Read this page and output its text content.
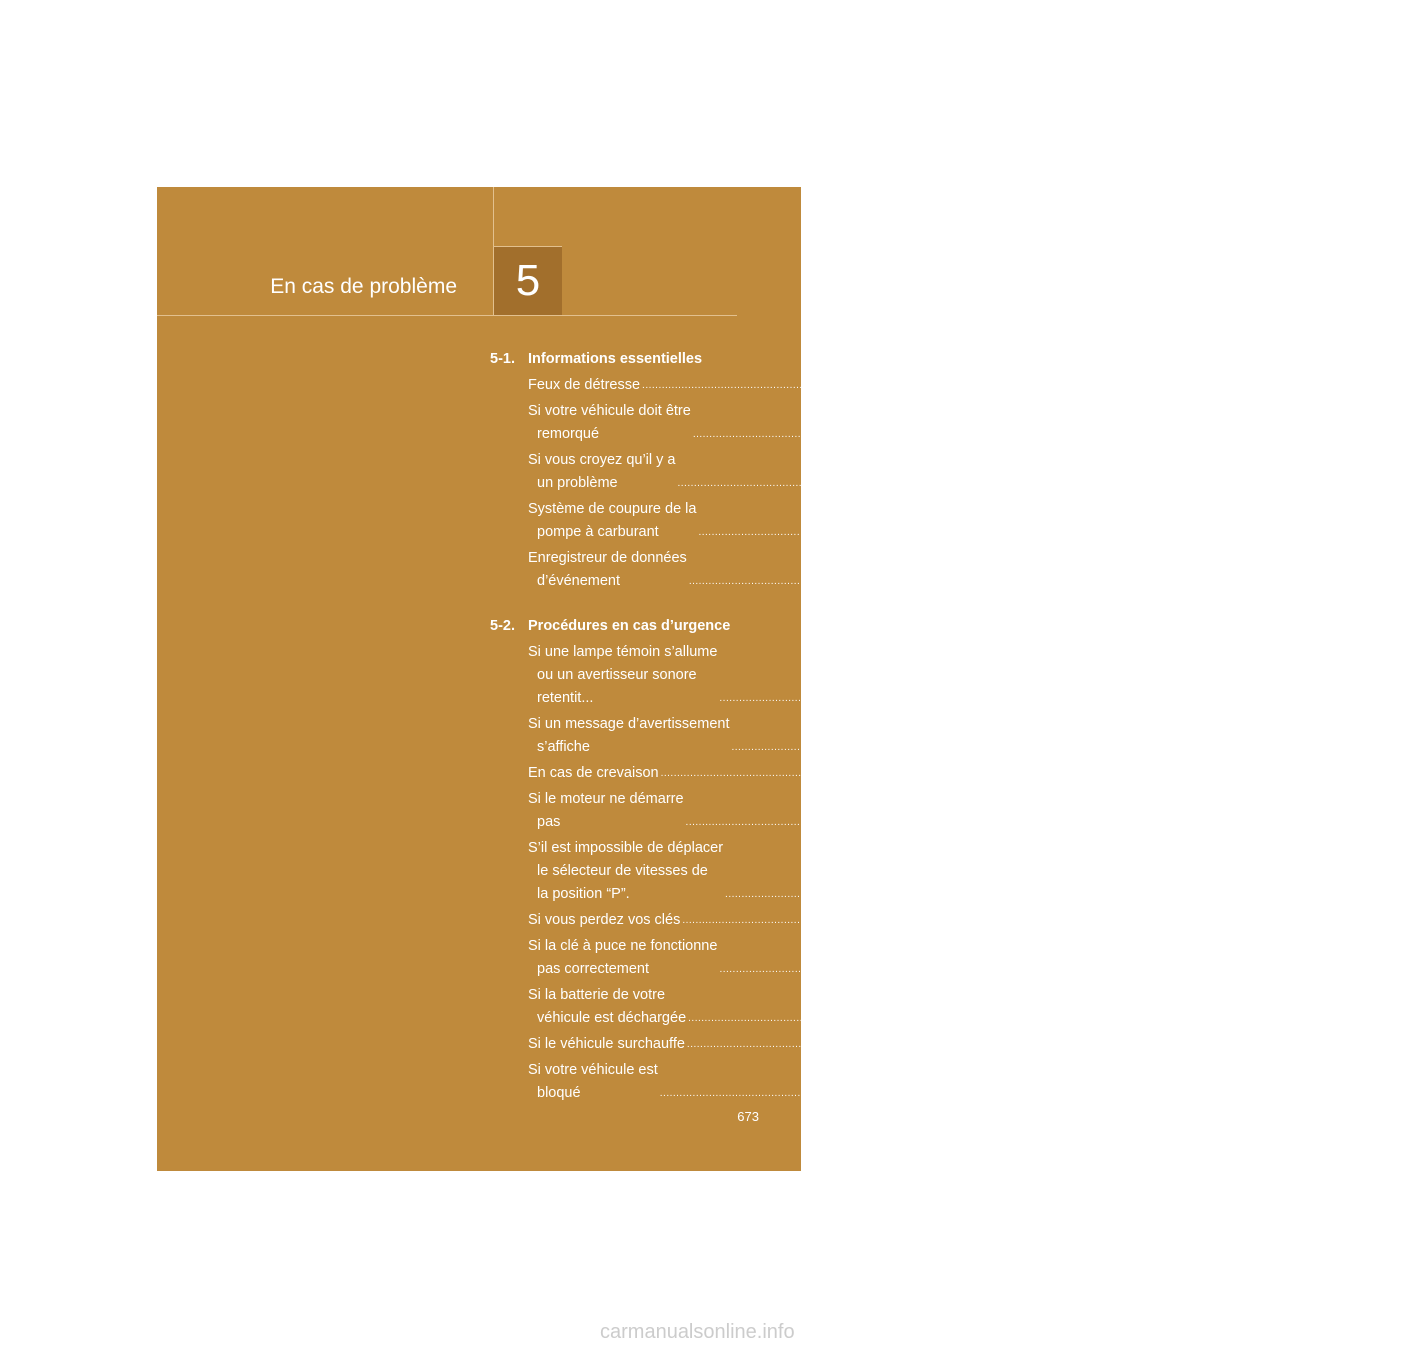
En cas de problème 5
5-1. Informations essentielles
Feux de détresse ........................................................................................................................................................................................................ 674
Si votre véhicule doit être
remorqué	........................................................................................................................................................................................................ 675
Si vous croyez qu’il y a
un problème	........................................................................................................................................................................................................ 681
Système de coupure de la
pompe à carburant	........................................................................................................................................................................................................ 682
Enregistreur de données
d’événement	........................................................................................................................................................................................................ 683
5-2. Procédures en cas d’urgence
Si une lampe témoin s’allume
ou un avertisseur sonore
retentit...	........................................................................................................................................................................................................ 686
Si un message d’avertissement
s’affiche	........................................................................................................................................................................................................ 698
En cas de crevaison ........................................................................................................................................................................................................ 720
Si le moteur ne démarre
pas	........................................................................................................................................................................................................ 734
S’il est impossible de déplacer
le sélecteur de vitesses de
la position “P”.	........................................................................................................................................................................................................ 736
Si vous perdez vos clés ........................................................................................................................................................................................................ 737
Si la clé à puce ne fonctionne
pas correctement	........................................................................................................................................................................................................ 738
Si la batterie de votre
véhicule est déchargée ........................................................................................................................................................................................................ 741
Si le véhicule surchauffe ........................................................................................................................................................................................................ 744
Si votre véhicule est
bloqué	........................................................................................................................................................................................................ 747
673
carmanualsonline.info
